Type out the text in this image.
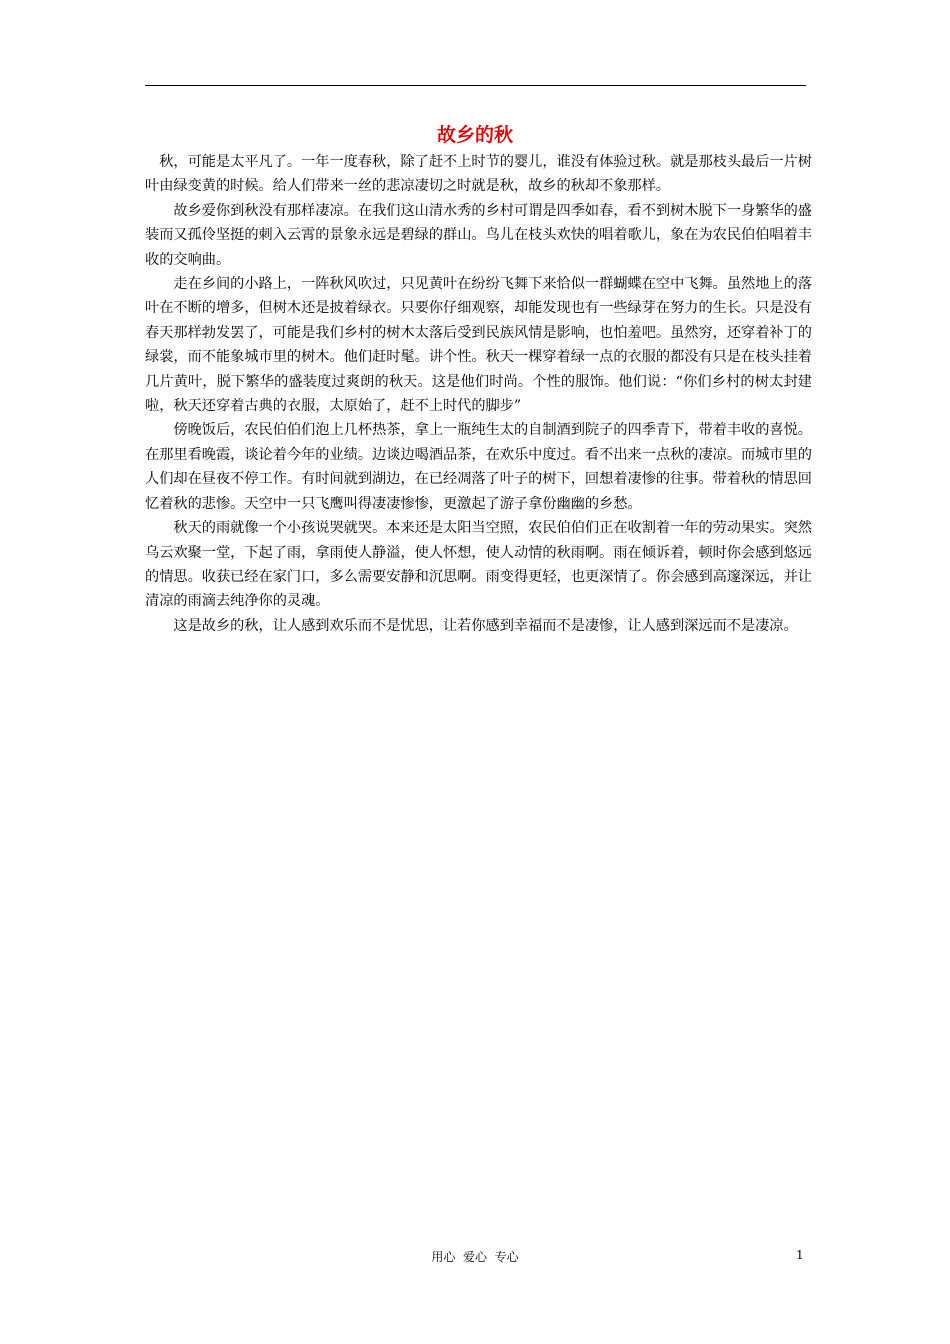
故乡的秋

秋，可能是太平凡了。一年一度春秋，除了赶不上时节的婴儿，谁没有体验过秋。就是那枝头最后一片树叶由绿变黄的时候。给人们带来一丝的悲凉凄切之时就是秋，故乡的秋却不象那样。

故乡爱你到秋没有那样凄凉。在我们这山清水秀的乡村可谓是四季如春，看不到树木脱下一身繁华的盛装而又孤伶坚挺的刺入云霄的景象永远是碧绿的群山。鸟儿在枝头欢快的唱着歌儿，象在为农民伯伯唱着丰收的交响曲。

走在乡间的小路上，一阵秋风吹过，只见黄叶在纷纷飞舞下来恰似一群蝴蝶在空中飞舞。虽然地上的落叶在不断的增多，但树木还是披着绿衣。只要你仔细观察，却能发现也有一些绿芽在努力的生长。只是没有春天那样勃发罢了，可能是我们乡村的树木太落后受到民族风情是影响，也怕羞吧。虽然穷，还穿着补丁的绿裳，而不能象城市里的树木。他们赶时髦。讲个性。秋天一棵穿着绿一点的衣服的都没有只是在枝头挂着几片黄叶，脱下繁华的盛装度过爽朗的秋天。这是他们时尚。个性的服饰。他们说：“你们乡村的树太封建啦，秋天还穿着古典的衣服，太原始了，赶不上时代的脚步”

傍晚饭后，农民伯伯们泡上几杯热茶，拿上一瓶纯生太的自制酒到院子的四季青下，带着丰收的喜悦。在那里看晚霞，谈论着今年的业绩。边谈边喝酒品茶，在欢乐中度过。看不出来一点秋的凄凉。而城市里的人们却在昼夜不停工作。有时间就到湖边，在已经凋落了叶子的树下，回想着凄惨的往事。带着秋的情思回忆着秋的悲惨。天空中一只飞鹰叫得凄凄惨惨，更激起了游子拿份幽幽的乡愁。

秋天的雨就像一个小孩说哭就哭。本来还是太阳当空照，农民伯伯们正在收割着一年的劳动果实。突然乌云欢聚一堂，下起了雨，拿雨使人静溢，使人怀想，使人动情的秋雨啊。雨在倾诉着，顿时你会感到悠远的情思。收获已经在家门口，多么需要安静和沉思啊。雨变得更轻，也更深情了。你会感到高邃深远，并让清凉的雨滴去纯净你的灵魂。

这是故乡的秋，让人感到欢乐而不是忧思，让若你感到幸福而不是凄惨，让人感到深远而不是凄凉。

用心  爱心  专心	1
